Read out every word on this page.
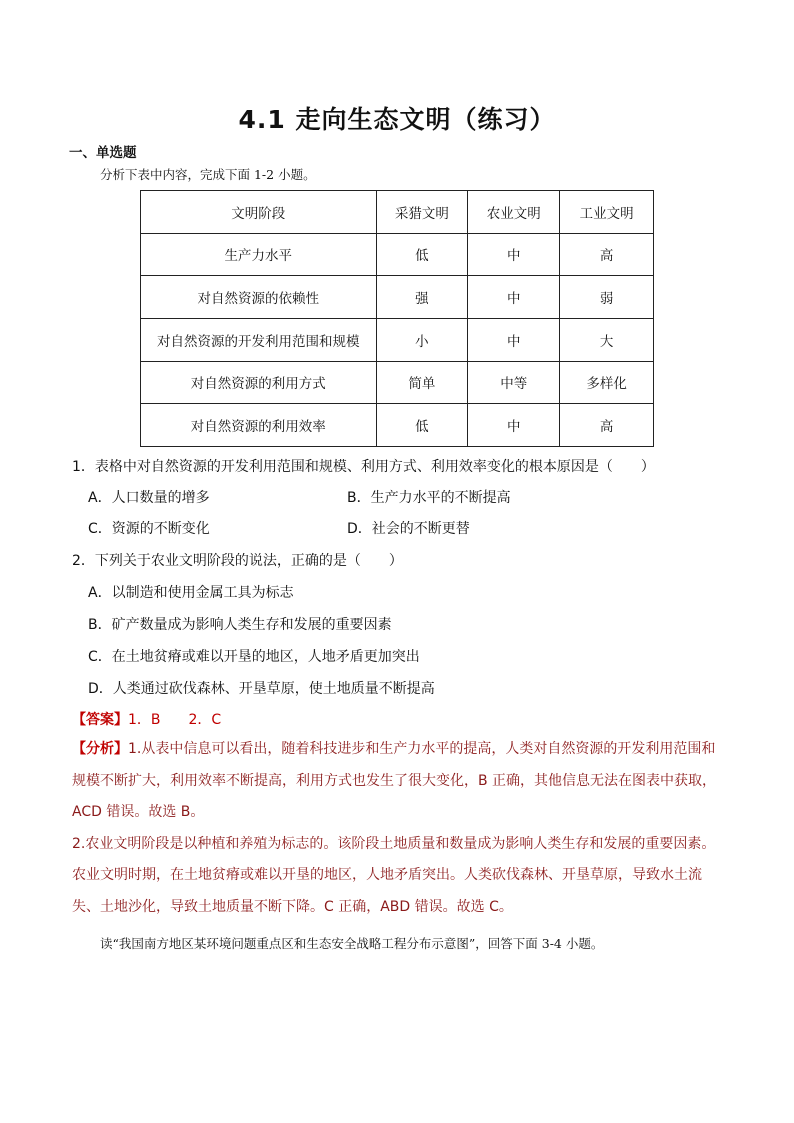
4.1 走向生态文明（练习）
一、单选题
分析下表中内容，完成下面 1-2 小题。
文明阶段	采猎文明	农业文明	工业文明
生产力水平	低	中	高
对自然资源的依赖性	强	中	弱
对自然资源的开发利用范围和规模	小	中	大
对自然资源的利用方式	简单	中等	多样化
对自然资源的利用效率	低	中	高
1．表格中对自然资源的开发利用范围和规模、利用方式、利用效率变化的根本原因是（　　）
A．人口数量的增多	B．生产力水平的不断提高
C．资源的不断变化	D．社会的不断更替
2．下列关于农业文明阶段的说法，正确的是（　　）
A．以制造和使用金属工具为标志
B．矿产数量成为影响人类生存和发展的重要因素
C．在土地贫瘠或难以开垦的地区，人地矛盾更加突出
D．人类通过砍伐森林、开垦草原，使土地质量不断提高
【答案】1．B　　2．C

【分析】1.从表中信息可以看出，随着科技进步和生产力水平的提高，人类对自然资源的开发利用范围和规模不断扩大，利用效率不断提高，利用方式也发生了很大变化，B 正确，其他信息无法在图表中获取，ACD 错误。故选 B。

2.农业文明阶段是以种植和养殖为标志的。该阶段土地质量和数量成为影响人类生存和发展的重要因素。农业文明时期，在土地贫瘠或难以开垦的地区，人地矛盾突出。人类砍伐森林、开垦草原，导致水土流失、土地沙化，导致土地质量不断下降。C 正确，ABD 错误。故选 C。

读“我国南方地区某环境问题重点区和生态安全战略工程分布示意图”，回答下面 3-4 小题。
